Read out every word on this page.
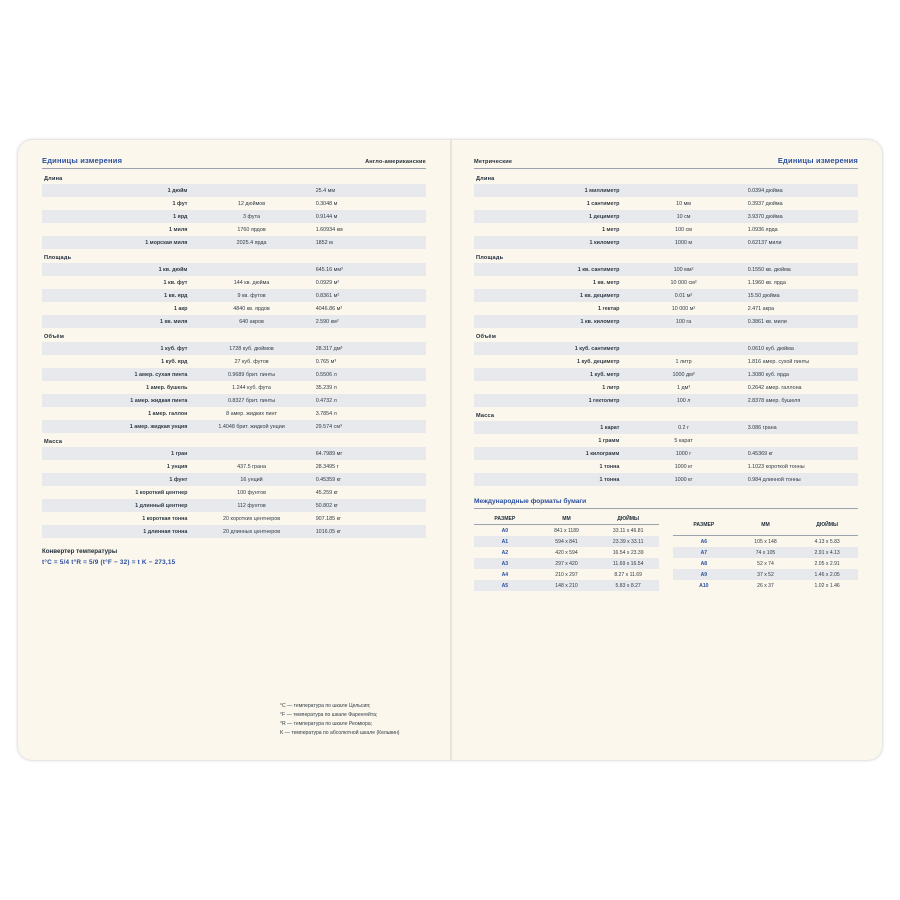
Единицы измерения	Англо-американские
Длина
1 дюйм		25.4 мм
1 фут	12 дюймов	0.3048 м
1 ярд	3 фута	0.9144 м
1 миля	1760 ярдов	1.60934 км
1 морская миля	2025.4 ярда	1852 м
Площадь
1 кв. дюйм		645.16 мм²
1 кв. фут	144 кв. дюйма	0.0929 м²
1 кв. ярд	9 кв. футов	0.8361 м²
1 акр	4840 кв. ярдов	4046.86 м²
1 кв. миля	640 акров	2.590 км²
Объём
1 куб. фут	1728 куб. дюймов	28.317 дм³
1 куб. ярд	27 куб. футов	0.765 м³
1 амер. сухая пинта	0.9689 брит. пинты	0.5506 л
1 амер. бушель	1.244 куб. фута	35.239 л
1 амер. жидкая пинта	0.8327 брит. пинты	0.4732 л
1 амер. галлон	8 амер. жидких пинт	3.7854 л
1 амер. жидкая унция	1.4048 брит. жидкой унции	29.574 см³
Масса
1 гран		64.7989 мг
1 унция	437.5 грана	28.3495 г
1 фунт	16 унций	0.45359 кг
1 короткий центнер	100 фунтов	45.259 кг
1 длинный центнер	112 фунтов	50.802 кг
1 короткая тонна	20 коротких центнеров	907.185 кг
1 длинная тонна	20 длинных центнеров	1016.05 кг
Конвертер температуры
t°C = 5/4 t°R = 5/9 (t°F − 32) = t K − 273,15
Метрические	Единицы измерения
Длина
1 миллиметр		0.0394 дюйма
1 сантиметр	10 мм	0.3937 дюйма
1 дециметр	10 см	3.9370 дюйма
1 метр	100 см	1.0936 ярда
1 километр	1000 м	0.62137 мили
Площадь
1 кв. сантиметр	100 мм²	0.1550 кв. дюйма
1 кв. метр	10 000 см²	1.1960 кв. ярда
1 кв. дециметр	0.01 м²	15.50 дюйма
1 гектар	10 000 м²	2.471 акра
1 кв. километр	100 га	0.3861 кв. мили
Объём
1 куб. сантиметр		0.0610 куб. дюйма
1 куб. дециметр	1 литр	1.816 амер. сухой пинты
1 куб. метр	1000 дм³	1.3080 куб. ярда
1 литр	1 дм³	0.2642 амер. галлона
1 гектолитр	100 л	2.8378 амер. бушеля
Масса
1 карат	0.2 г	3.086 грана
1 грамм	5 карат	
1 килограмм	1000 г	0.45369 кг
1 тонна	1000 кг	1.1023 короткой тонны
1 тонна	1000 кг	0.984 длинной тонны
Международные форматы бумаги
РАЗМЕР	ММ	ДЮЙМЫ
A0	841 x 1189	33.11 x 46.81
A1	594 x 841	23.39 x 33.11
A2	420 x 594	16.54 x 23.39
A3	297 x 420	11.69 x 16.54
A4	210 x 297	8.27 x 11.69
A5	148 x 210	5.83 x 8.27
РАЗМЕР	ММ	ДЮЙМЫ
A6	105 x 148	4.13 x 5.83
A7	74 x 105	2.91 x 4.13
A8	52 x 74	2.05 x 2.91
A9	37 x 52	1.46 x 2.05
A10	26 x 37	1.02 x 1.46
°C — температура по шкале Цельсия;
°F — температура по шкале Фаренгейта;
°R — температура по шкале Реомюра;
K — температура по абсолютной шкале (Кельвин)
